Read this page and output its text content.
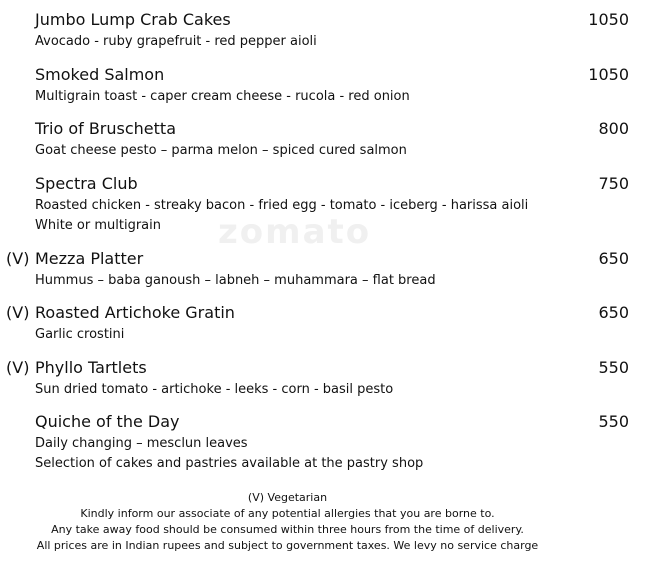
zomato
Jumbo Lump Crab Cakes	1050
Avocado - ruby grapefruit - red pepper aioli
Smoked Salmon	1050
Multigrain toast - caper cream cheese - rucola - red onion
Trio of Bruschetta	800
Goat cheese pesto – parma melon – spiced cured salmon
Spectra Club	750
Roasted chicken - streaky bacon - fried egg - tomato - iceberg - harissa aioli
White or multigrain
(V) Mezza Platter	650
Hummus – baba ganoush – labneh – muhammara – flat bread
(V) Roasted Artichoke Gratin	650
Garlic crostini
(V) Phyllo Tartlets	550
Sun dried tomato - artichoke - leeks - corn - basil pesto
Quiche of the Day	550
Daily changing – mesclun leaves
Selection of cakes and pastries available at the pastry shop
(V) Vegetarian
Kindly inform our associate of any potential allergies that you are borne to.
Any take away food should be consumed within three hours from the time of delivery.
All prices are in Indian rupees and subject to government taxes. We levy no service charge
